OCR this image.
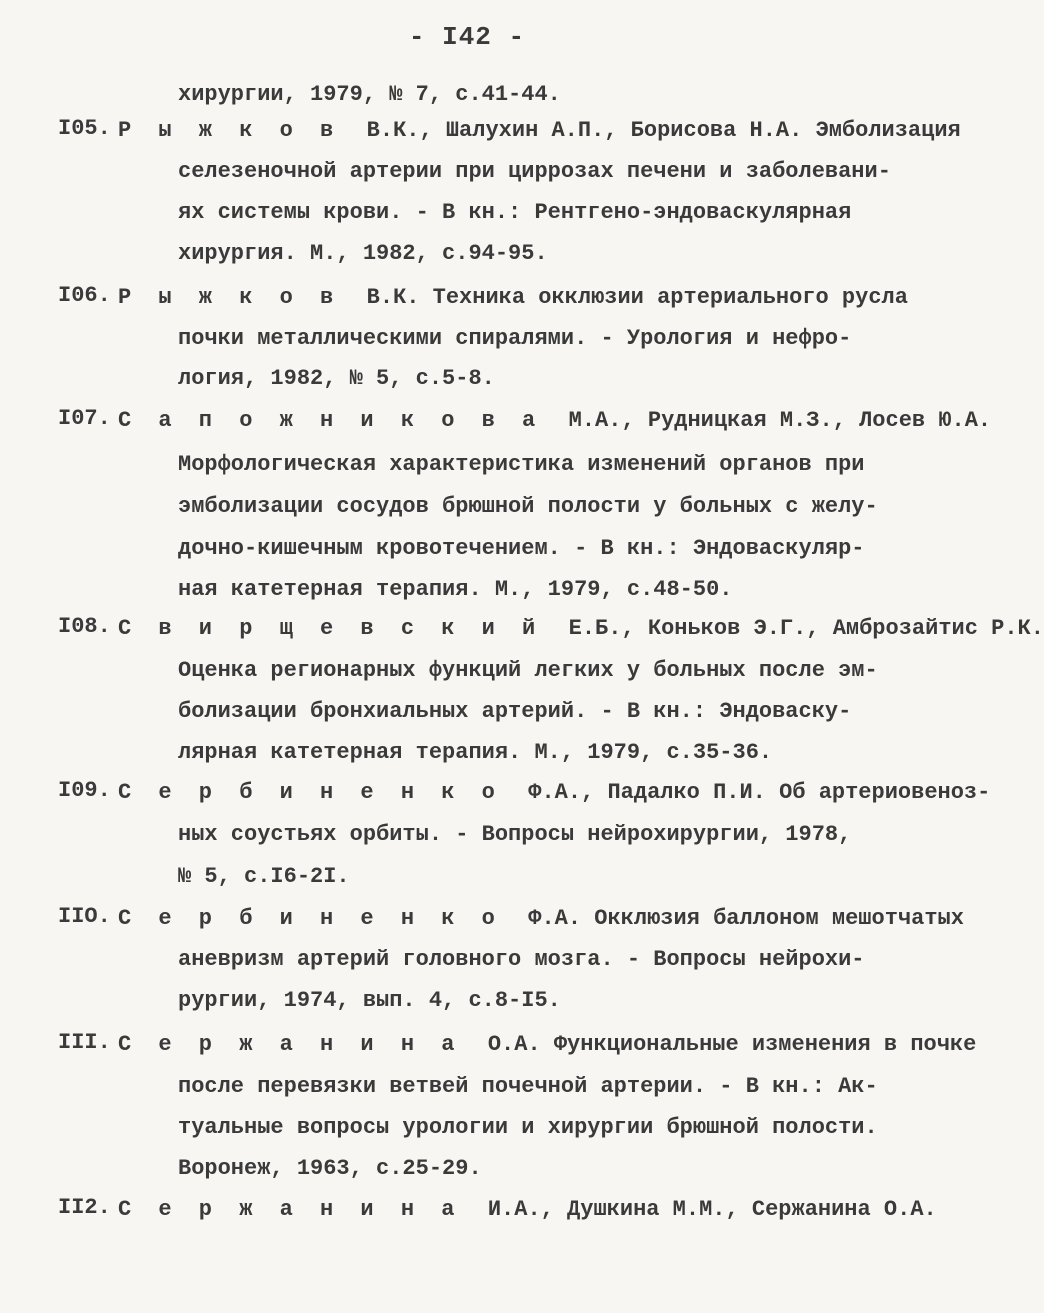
- I42 -
хирургии, 1979, № 7, с.41-44.
I05. Р ы ж к о в В.К., Шалухин А.П., Борисова Н.А. Эмболизация
селезеночной артерии при циррозах печени и заболевани-
ях системы крови. - В кн.: Рентгено-эндоваскулярная
хирургия. М., 1982, с.94-95.
I06. Р ы ж к о в В.К. Техника окклюзии артериального русла
почки металлическими спиралями. - Урология и нефро-
логия, 1982, № 5, с.5-8.
I07. С а п о ж н и к о в а М.А., Рудницкая М.З., Лосев Ю.А.
Морфологическая характеристика изменений органов при
эмболизации сосудов брюшной полости у больных с желу-
дочно-кишечным кровотечением. - В кн.: Эндоваскуляр-
ная катетерная терапия. М., 1979, с.48-50.
I08. С в и р щ е в с к и й Е.Б., Коньков Э.Г., Амброзайтис Р.К.
Оценка регионарных функций легких у больных после эм-
болизации бронхиальных артерий. - В кн.: Эндоваску-
лярная катетерная терапия. М., 1979, с.35-36.
I09. С е р б и н е н к о Ф.А., Падалко П.И. Об артериовеноз-
ных соустьях орбиты. - Вопросы нейрохирургии, 1978,
№ 5, с.I6-2I.
IIO. С е р б и н е н к о Ф.А. Окклюзия баллоном мешотчатых
аневризм артерий головного мозга. - Вопросы нейрохи-
рургии, 1974, вып. 4, с.8-I5.
III. С е р ж а н и н а О.А. Функциональные изменения в почке
после перевязки ветвей почечной артерии. - В кн.: Ак-
туальные вопросы урологии и хирургии брюшной полости.
Воронеж, 1963, с.25-29.
II2. С е р ж а н и н а И.А., Душкина М.М., Сержанина О.А.
